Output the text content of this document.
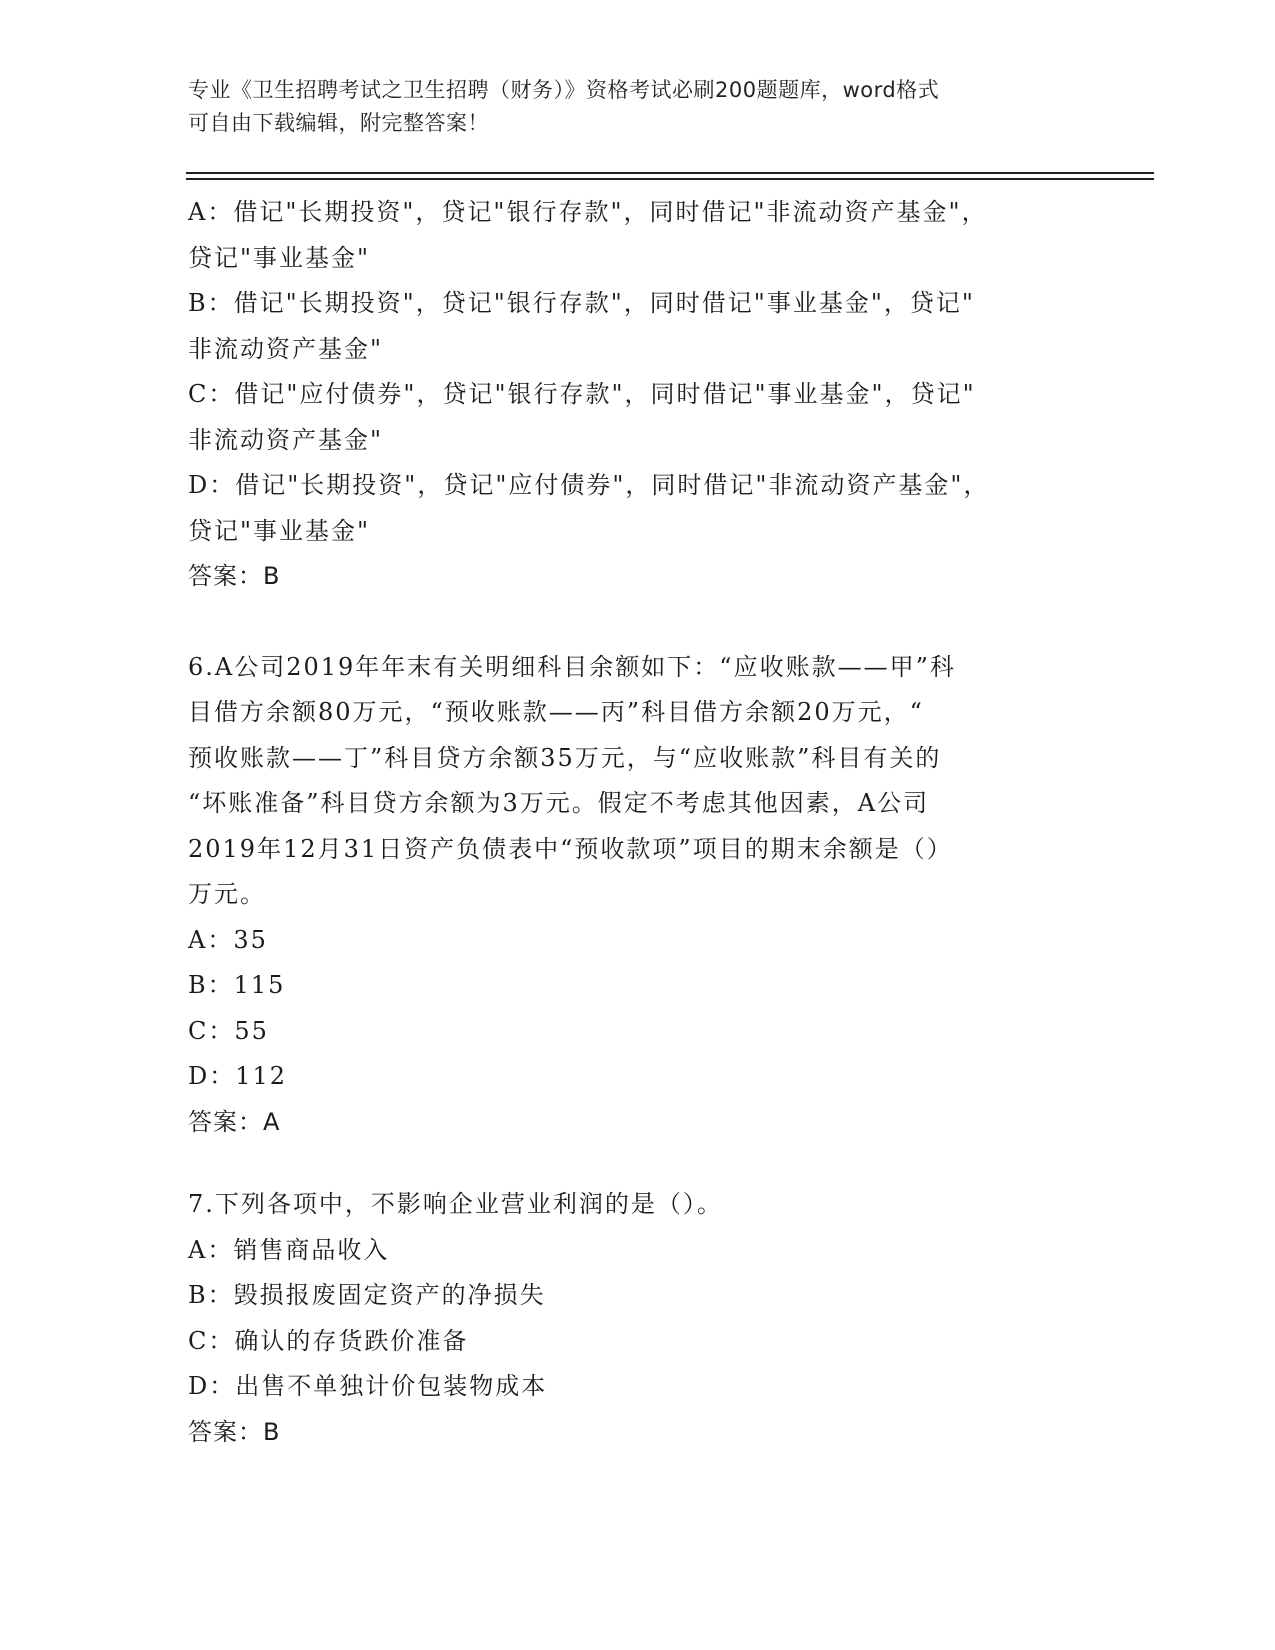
专业《卫生招聘考试之卫生招聘（财务）》资格考试必刷200题题库，word格式
可自由下载编辑，附完整答案！
A：借记"长期投资"，贷记"银行存款"，同时借记"非流动资产基金"，
贷记"事业基金"
B：借记"长期投资"，贷记"银行存款"，同时借记"事业基金"，贷记"
非流动资产基金"
C：借记"应付债券"，贷记"银行存款"，同时借记"事业基金"，贷记"
非流动资产基金"
D：借记"长期投资"，贷记"应付债券"，同时借记"非流动资产基金"，
贷记"事业基金"
答案：B
6.A公司2019年年末有关明细科目余额如下：“应收账款——甲”科
目借方余额80万元，“预收账款——丙”科目借方余额20万元，“
预收账款——丁”科目贷方余额35万元，与“应收账款”科目有关的
“坏账准备”科目贷方余额为3万元。假定不考虑其他因素，A公司
2019年12月31日资产负债表中“预收款项”项目的期末余额是（）
万元。
A：35
B：115
C：55
D：112
答案：A
7.下列各项中，不影响企业营业利润的是（）。
A：销售商品收入
B：毁损报废固定资产的净损失
C：确认的存货跌价准备
D：出售不单独计价包装物成本
答案：B
